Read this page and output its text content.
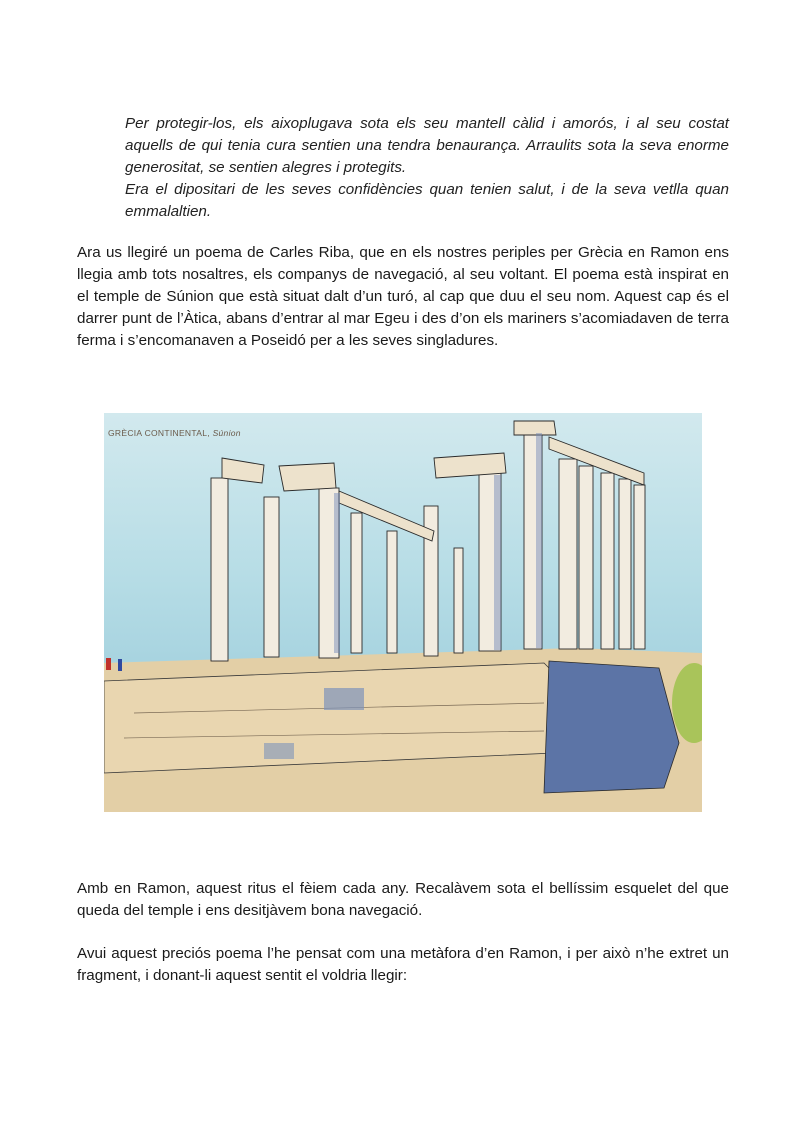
Per protegir-los, els aixoplugava sota els seu mantell càlid i amorós, i al seu costat aquells de qui tenia cura sentien una tendra benaurança. Arraulits sota la seva enorme generositat, se sentien alegres i protegits.

Era el dipositari de les seves confidències quan tenien salut, i de la seva vetlla quan emmalaltien.

Ara us llegiré un poema de Carles Riba, que en els nostres periples per Grècia en Ramon ens llegia amb tots nosaltres, els companys de navegació, al seu voltant. El poema està inspirat en el temple de Súnion que està situat dalt d’un turó, al cap que duu el seu nom. Aquest cap és el darrer punt de l’Àtica, abans d’entrar al mar Egeu i des d’on els mariners s’acomiadaven de terra ferma i s’encomanaven a Poseidó per a les seves singladures.

GRÈCIA CONTINENTAL, Súnion

Amb en Ramon, aquest ritus el fèiem cada any. Recalàvem sota el bellíssim esquelet del que queda del temple i ens desitjàvem bona navegació.

Avui aquest preciós poema l’he pensat com una metàfora d’en Ramon, i per això n’he extret un fragment, i donant-li aquest sentit el voldria llegir:
